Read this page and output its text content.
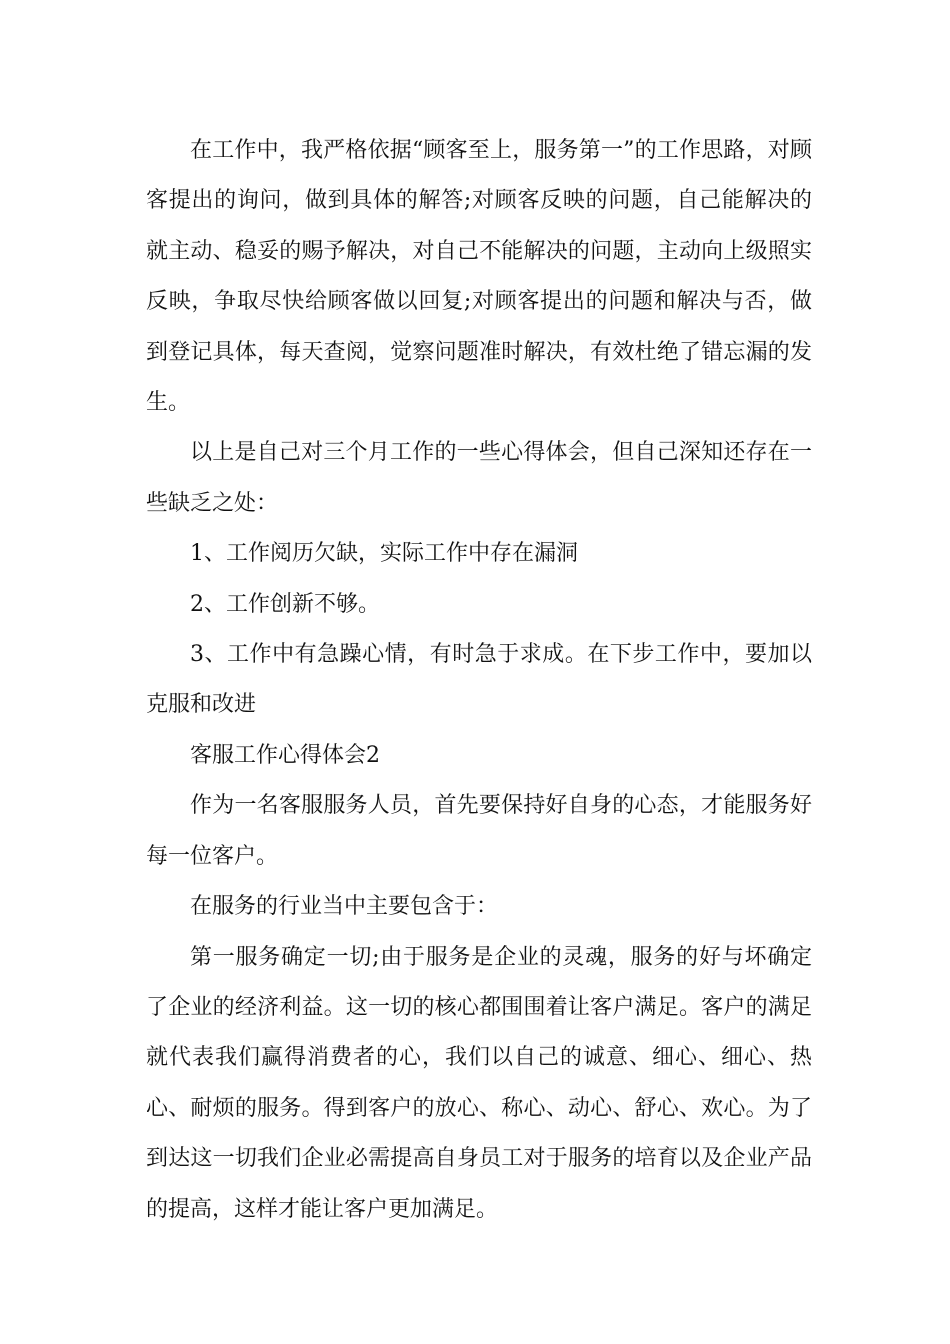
在工作中，我严格依据“顾客至上，服务第一”的工作思路，对顾客提出的询问，做到具体的解答;对顾客反映的问题，自己能解决的就主动、稳妥的赐予解决，对自己不能解决的问题，主动向上级照实反映，争取尽快给顾客做以回复;对顾客提出的问题和解决与否，做到登记具体，每天查阅，觉察问题准时解决，有效杜绝了错忘漏的发生。

以上是自己对三个月工作的一些心得体会，但自己深知还存在一些缺乏之处：

1、工作阅历欠缺，实际工作中存在漏洞

2、工作创新不够。

3、工作中有急躁心情，有时急于求成。在下步工作中，要加以克服和改进

客服工作心得体会2

作为一名客服服务人员，首先要保持好自身的心态，才能服务好每一位客户。

在服务的行业当中主要包含于：

第一服务确定一切;由于服务是企业的灵魂，服务的好与坏确定了企业的经济利益。这一切的核心都围围着让客户满足。客户的满足就代表我们赢得消费者的心，我们以自己的诚意、细心、细心、热心、耐烦的服务。得到客户的放心、称心、动心、舒心、欢心。为了到达这一切我们企业必需提高自身员工对于服务的培育以及企业产品的提高，这样才能让客户更加满足。
